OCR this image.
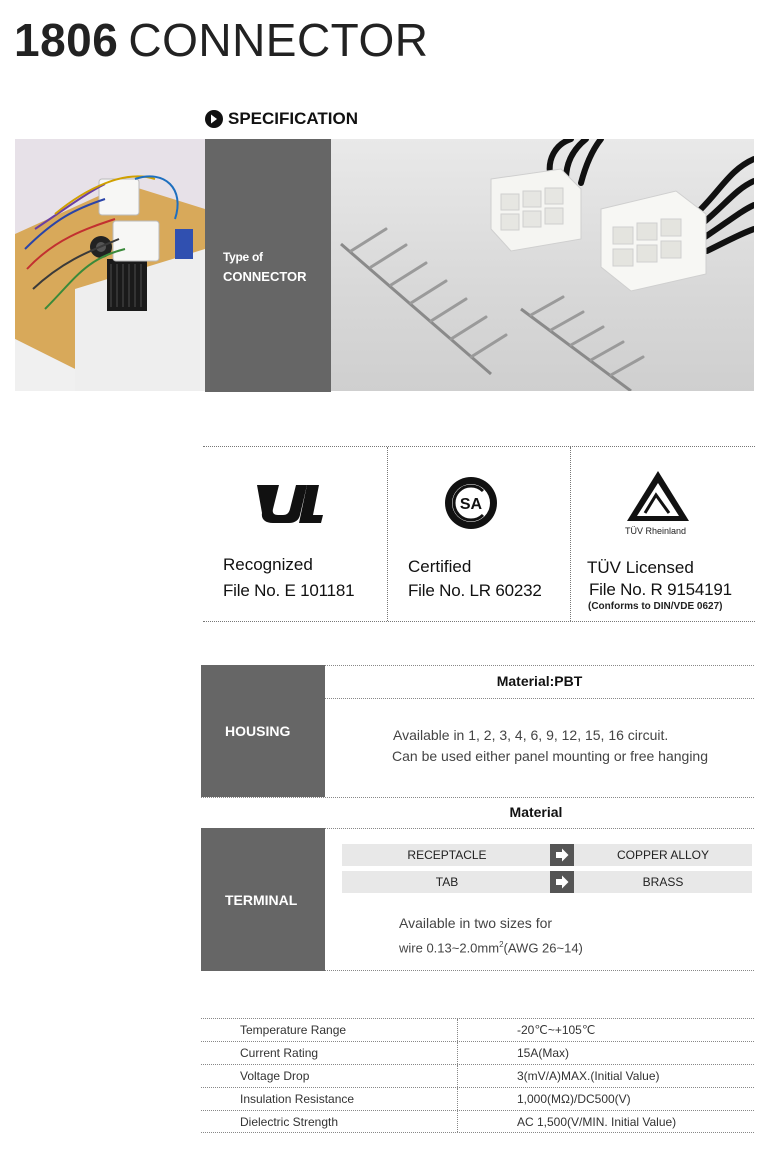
1806 CONNECTOR
SPECIFICATION
Type of
CONNECTOR
Recognized
File No. E 101181
SA
Certified
File No. LR 60232
TÜV Rheinland
TÜV Licensed
File No. R 9154191
(Conforms to DIN/VDE 0627)
HOUSING
Material:PBT
Available in 1, 2, 3, 4, 6, 9, 12, 15, 16 circuit.
Can be used either panel mounting or free hanging
Material
TERMINAL
RECEPTACLE	COPPER ALLOY
TAB	BRASS
Available in two sizes for
wire $0.13\sim 2.0mm^2(AWG$ 26~14)
Temperature Range	-20℃~+105℃
Current Rating	15A(Max)
Voltage Drop	3(mV/A)MAX.(Initial Value)
Insulation Resistance	1,000(MΩ)/DC500(V)
Dielectric Strength	AC 1,500(V/MIN. Initial Value)
